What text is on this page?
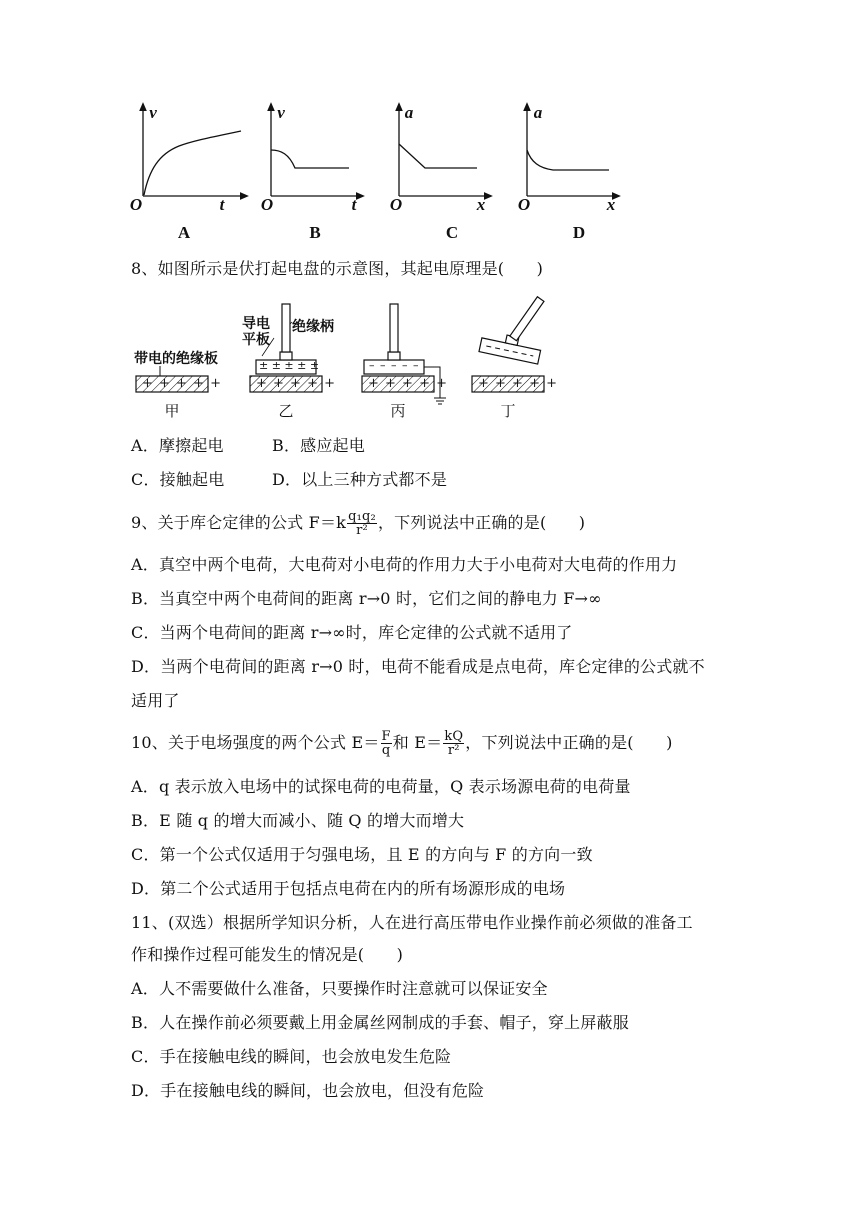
v
O	t
A
v
O	t
B
a
O	x
C
a
O	x
D
8、如图所示是伏打起电盘的示意图，其起电原理是(　　)
+ + + + +	+ + + + + + + + + + + + + + +
± ± ± ± ±	– – – – –
带电的绝缘板
导电
平板
绝缘柄
甲	乙	丙	丁
A．摩擦起电	B．感应起电
C．接触起电	D．以上三种方式都不是
9、关于库仑定律的公式 $F=k \frac{\text{q₁q₂}}{\text{r²}}$ ，下列说法中正确的是(　　)
A．真空中两个电荷，大电荷对小电荷的作用力大于小电荷对大电荷的作用力
B．当真空中两个电荷间的距离 r→0 时，它们之间的静电力 F→∞
C．当两个电荷间的距离 r→∞时，库仑定律的公式就不适用了
D．当两个电荷间的距离 r→0 时，电荷不能看成是点电荷，库仑定律的公式就不
适用了
10、关于电场强度的两个公式 $E= \frac{F}{q}$ 和 $E= \frac{kQ}{\text{r²}}$ ，下列说法中正确的是(　　)
A．q 表示放入电场中的试探电荷的电荷量，Q 表示场源电荷的电荷量
B．E 随 q 的增大而减小、随 Q 的增大而增大
C．第一个公式仅适用于匀强电场，且 E 的方向与 F 的方向一致
D．第二个公式适用于包括点电荷在内的所有场源形成的电场
11、(双选）根据所学知识分析，人在进行高压带电作业操作前必须做的准备工
作和操作过程可能发生的情况是(　　)
A．人不需要做什么准备，只要操作时注意就可以保证安全
B．人在操作前必须要戴上用金属丝网制成的手套、帽子，穿上屏蔽服
C．手在接触电线的瞬间，也会放电发生危险
D．手在接触电线的瞬间，也会放电，但没有危险
